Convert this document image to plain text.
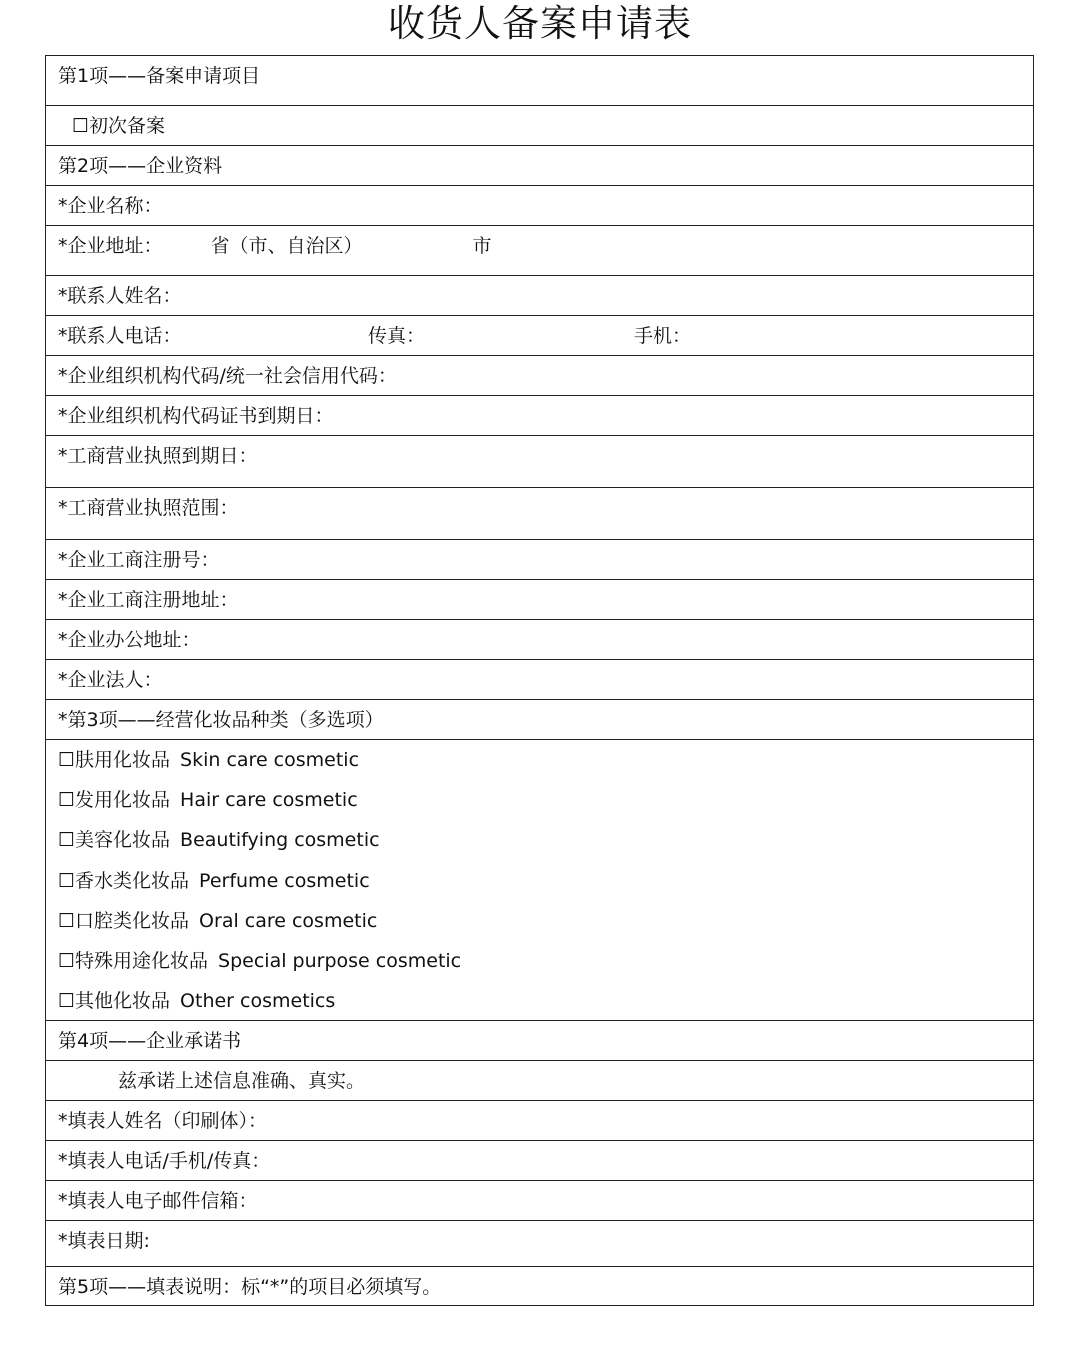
收货人备案申请表
第1项——备案申请项目
☐初次备案
第2项——企业资料
*企业名称：
*企业地址：	省（市、自治区）	市
*联系人姓名：
*联系人电话：	传真：	手机：
*企业组织机构代码/统一社会信用代码：
*企业组织机构代码证书到期日：
*工商营业执照到期日：
*工商营业执照范围：
*企业工商注册号：
*企业工商注册地址：
*企业办公地址：
*企业法人：
*第3项——经营化妆品种类（多选项）
☐肤用化妆品 Skin care cosmetic
☐发用化妆品 Hair care cosmetic
☐美容化妆品 Beautifying cosmetic
☐香水类化妆品 Perfume cosmetic
☐口腔类化妆品 Oral care cosmetic
☐特殊用途化妆品 Special purpose cosmetic
☐其他化妆品 Other cosmetics
第4项——企业承诺书
兹承诺上述信息准确、真实。
*填表人姓名（印刷体）：
*填表人电话/手机/传真：
*填表人电子邮件信箱：
*填表日期:
第5项——填表说明：标“*”的项目必须填写。
